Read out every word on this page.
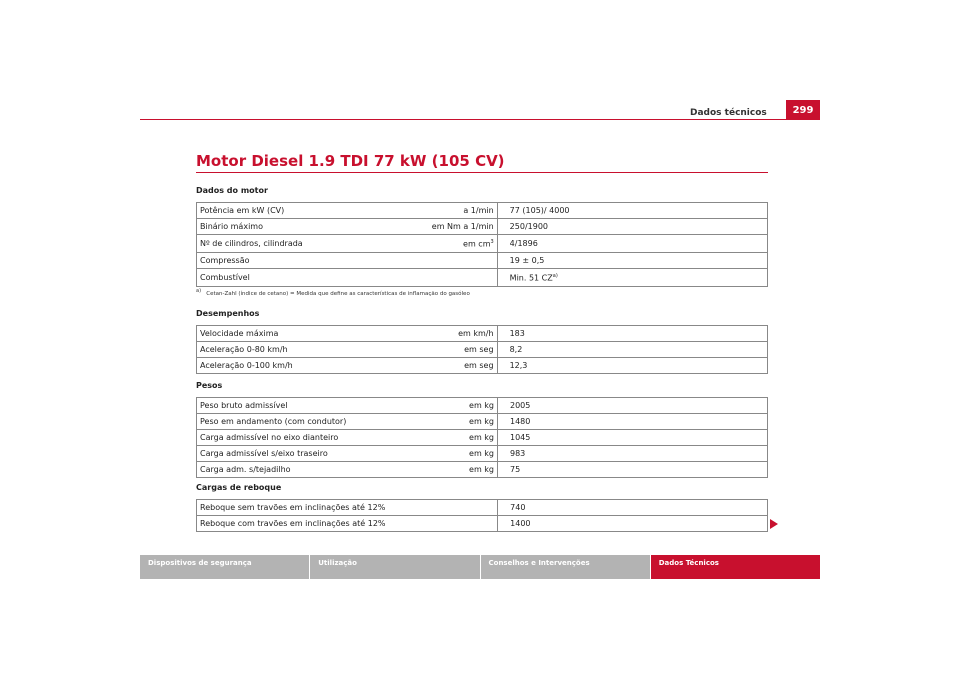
Dados técnicos	299
Motor Diesel 1.9 TDI 77 kW (105 CV)
Dados do motor
Potência em kW (CV)	a 1/min	77 (105)/ 4000
Binário máximo	em Nm a 1/min	250/1900
Nº de cilindros, cilindrada	em $cm^3$	4/1896
Compressão		19 ± 0,5
Combustível		Min. 51 CZ$^{a)}$
$^{a)}$ Cetan-Zahl (índice de cetano) = Medida que define as características de inflamação do gasóleo
Desempenhos
Velocidade máxima	em km/h	183
Aceleração 0-80 km/h	em seg	8,2
Aceleração 0-100 km/h	em seg	12,3
Pesos
Peso bruto admissível	em kg	2005
Peso em andamento (com condutor)	em kg	1480
Carga admissível no eixo dianteiro	em kg	1045
Carga admissível s/eixo traseiro	em kg	983
Carga adm. s/tejadilho	em kg	75
Cargas de reboque
Reboque sem travões em inclinações até 12%		740
Reboque com travões em inclinações até 12%		1400
Dispositivos de segurança	Utilização	Conselhos e Intervenções	Dados Técnicos
